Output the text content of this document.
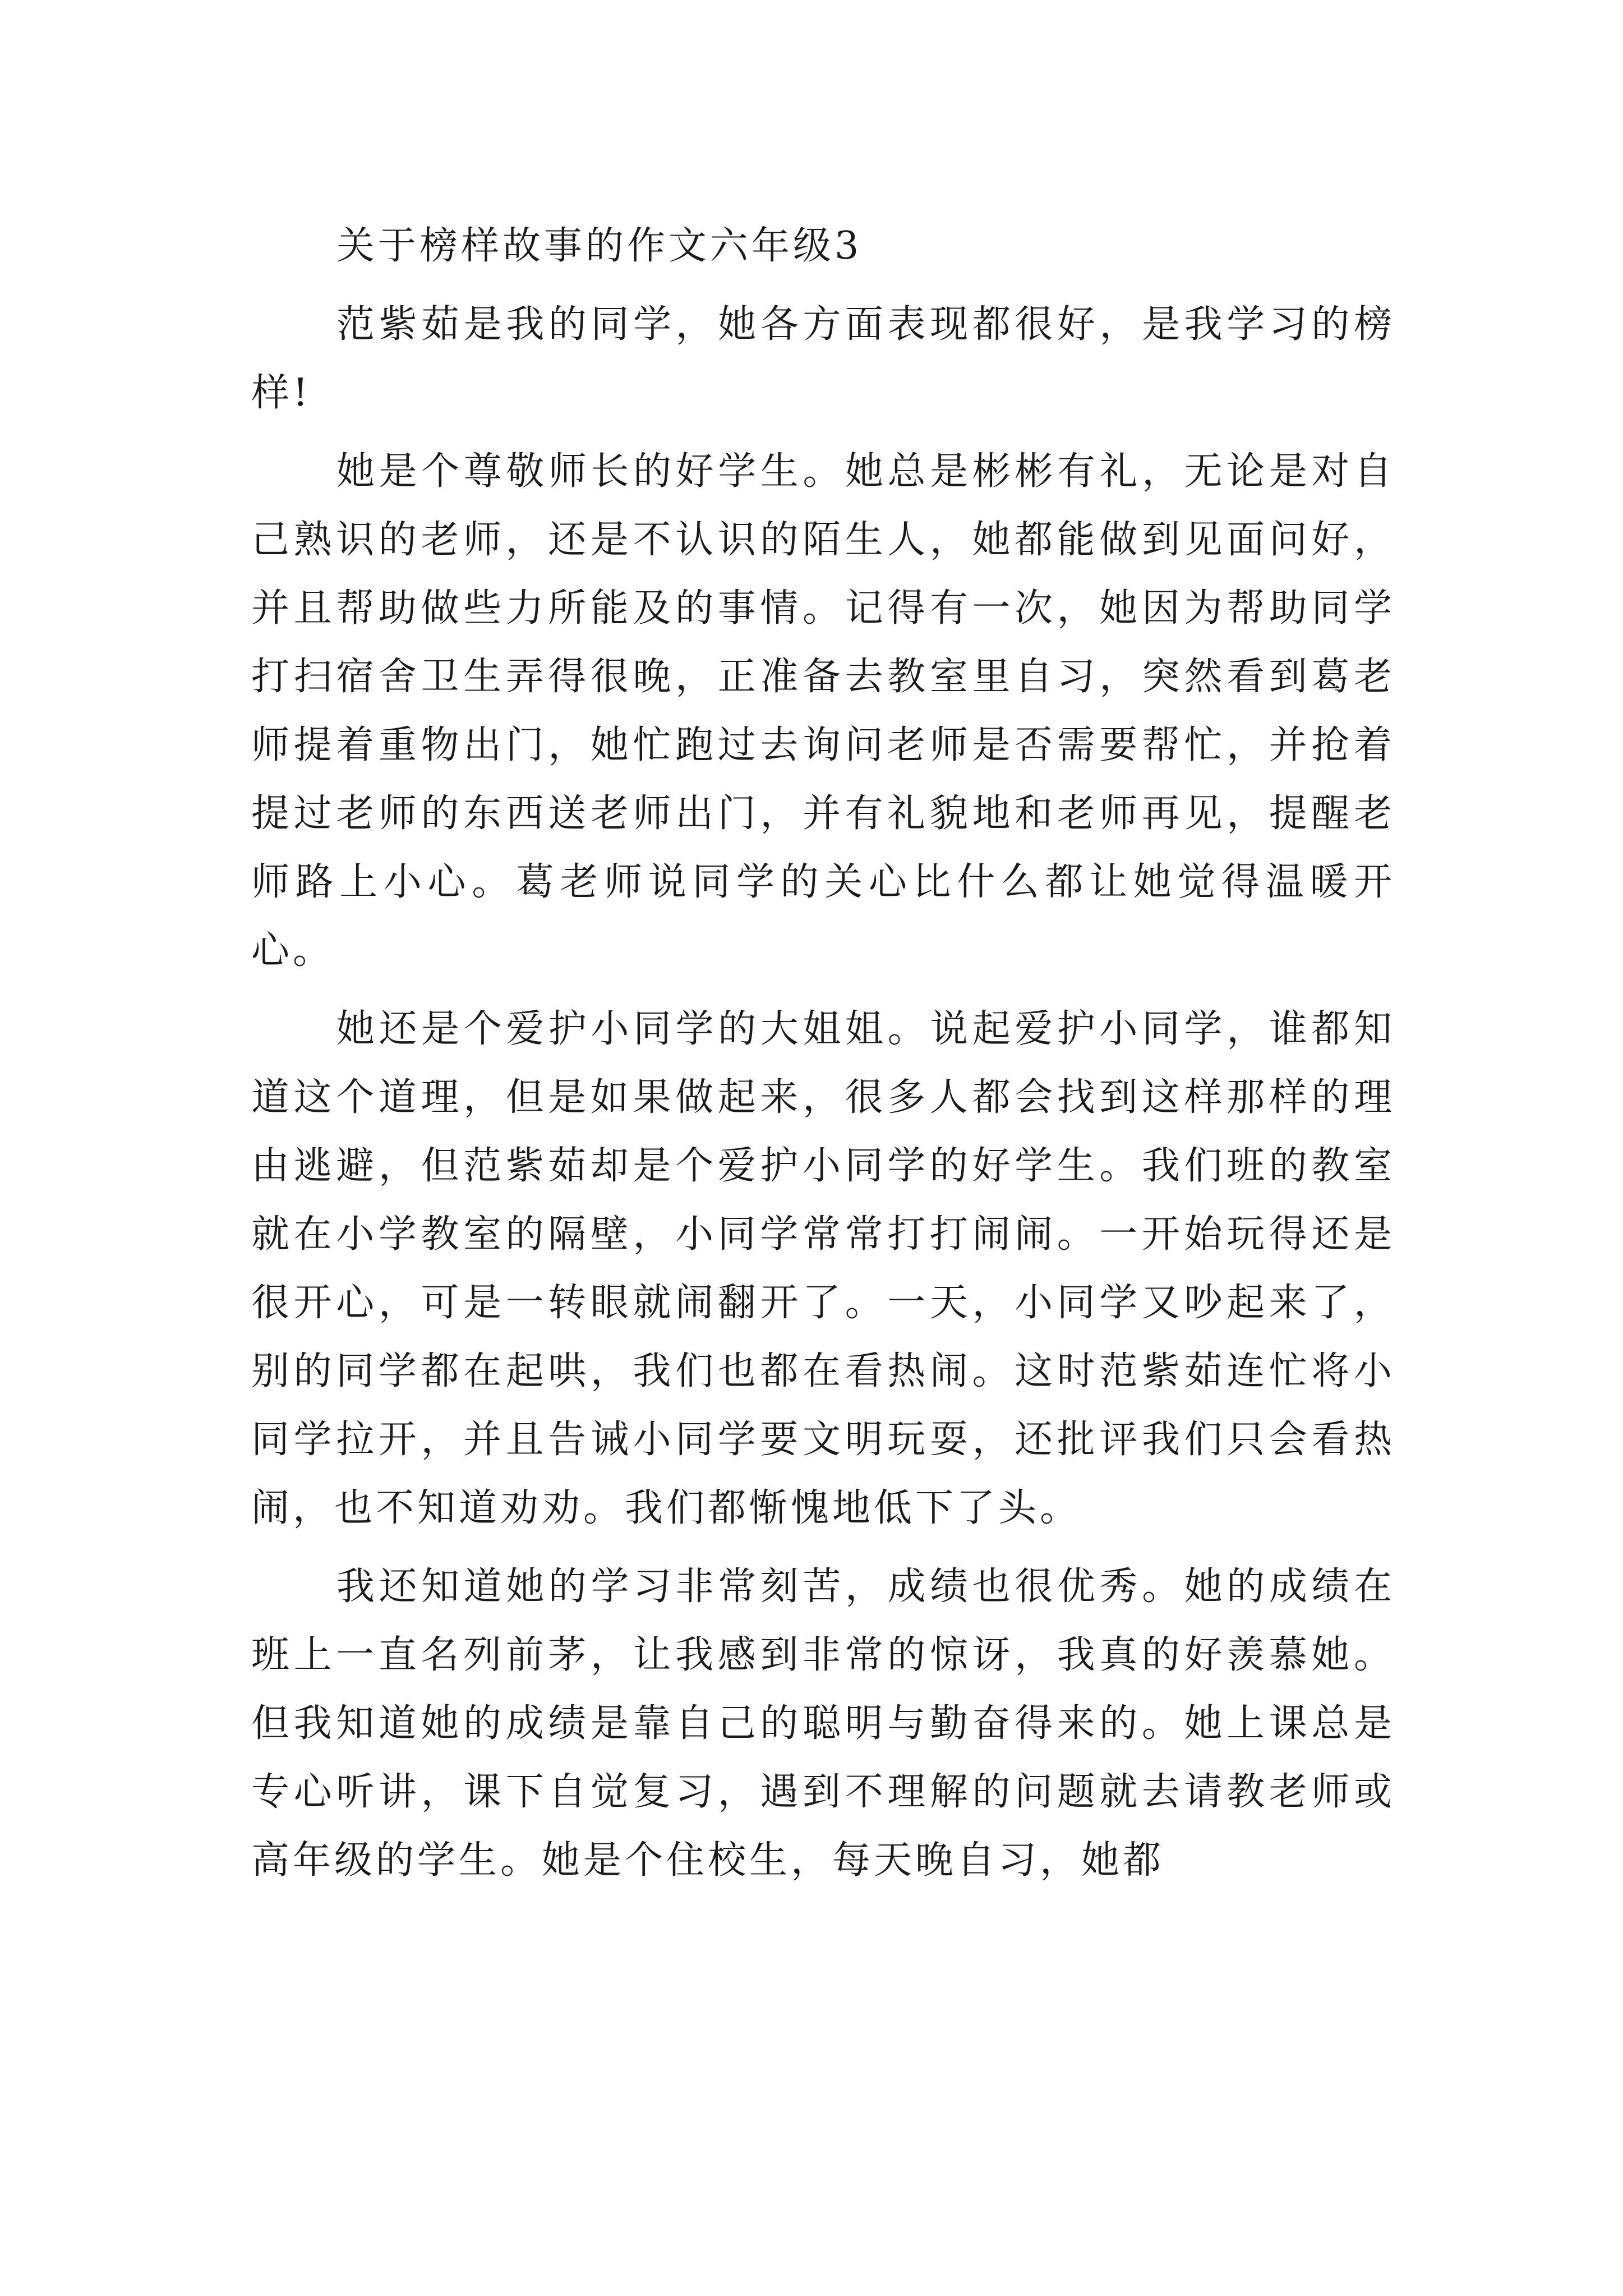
关于榜样故事的作文六年级3

范紫茹是我的同学，她各方面表现都很好，是我学习的榜样!

她是个尊敬师长的好学生。她总是彬彬有礼，无论是对自己熟识的老师，还是不认识的陌生人，她都能做到见面问好，并且帮助做些力所能及的事情。记得有一次，她因为帮助同学打扫宿舍卫生弄得很晚，正准备去教室里自习，突然看到葛老师提着重物出门，她忙跑过去询问老师是否需要帮忙，并抢着提过老师的东西送老师出门，并有礼貌地和老师再见，提醒老师路上小心。葛老师说同学的关心比什么都让她觉得温暖开心。

她还是个爱护小同学的大姐姐。说起爱护小同学，谁都知道这个道理，但是如果做起来，很多人都会找到这样那样的理由逃避，但范紫茹却是个爱护小同学的好学生。我们班的教室就在小学教室的隔壁，小同学常常打打闹闹。一开始玩得还是很开心，可是一转眼就闹翻开了。一天，小同学又吵起来了，别的同学都在起哄，我们也都在看热闹。这时范紫茹连忙将小同学拉开，并且告诫小同学要文明玩耍，还批评我们只会看热闹，也不知道劝劝。我们都惭愧地低下了头。

我还知道她的学习非常刻苦，成绩也很优秀。她的成绩在班上一直名列前茅，让我感到非常的惊讶，我真的好羡慕她。但我知道她的成绩是靠自己的聪明与勤奋得来的。她上课总是专心听讲，课下自觉复习，遇到不理解的问题就去请教老师或高年级的学生。她是个住校生，每天晚自习，她都
